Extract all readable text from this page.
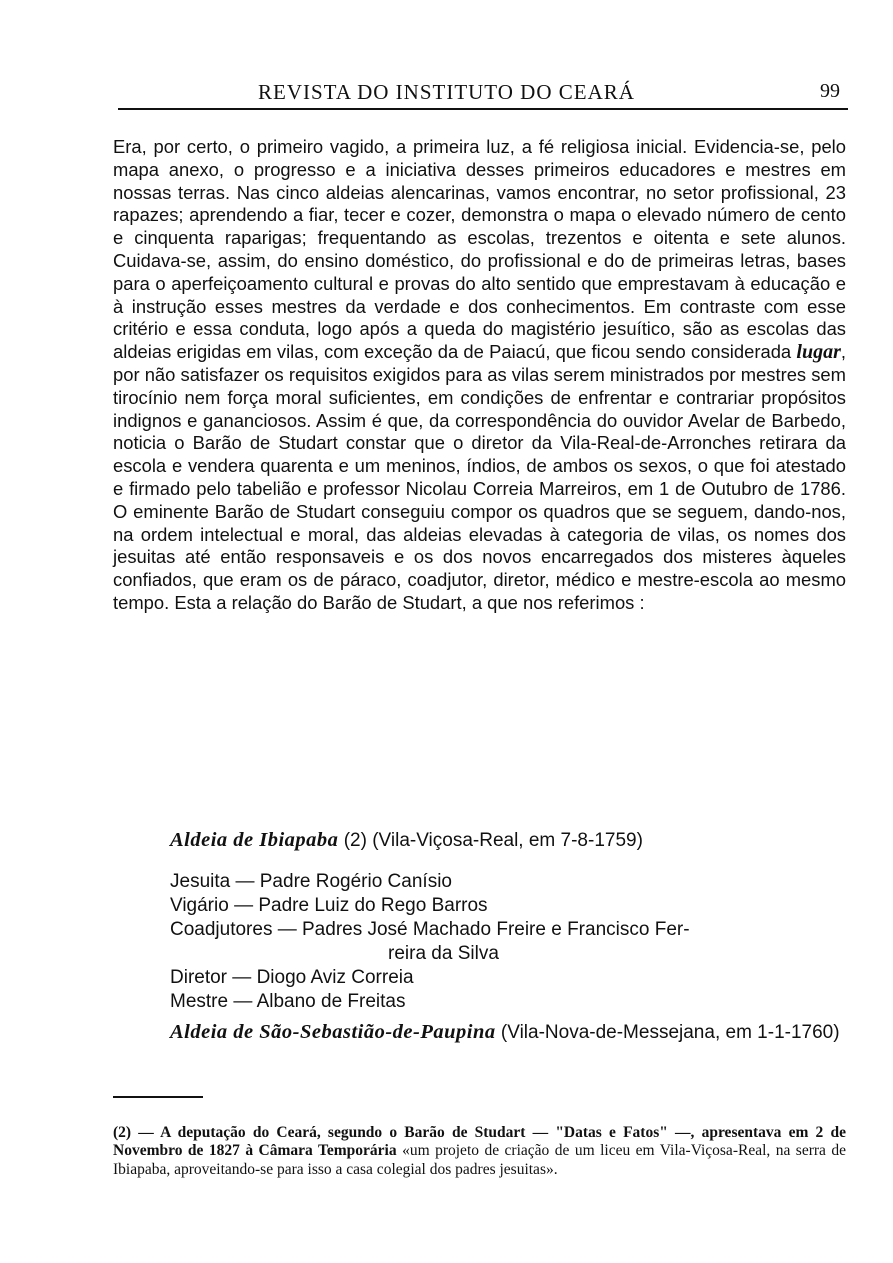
REVISTA DO INSTITUTO DO CEARÁ	99
Era, por certo, o primeiro vagido, a primeira luz, a fé religiosa inicial. Evidencia-se, pelo mapa anexo, o progresso e a iniciativa desses primeiros educadores e mestres em nossas terras. Nas cinco aldeias alencarinas, vamos encontrar, no setor profissional, 23 rapazes; aprendendo a fiar, tecer e cozer, demonstra o mapa o elevado número de cento e cinquenta raparigas; frequentando as escolas, trezentos e oitenta e sete alunos. Cuidava-se, assim, do ensino doméstico, do profissional e do de primeiras letras, bases para o aperfeiçoamento cultural e provas do alto sentido que emprestavam à educação e à instrução esses mestres da verdade e dos conhecimentos. Em contraste com esse critério e essa conduta, logo após a queda do magistério jesuítico, são as escolas das aldeias erigidas em vilas, com exceção da de Paiacú, que ficou sendo considerada lugar, por não satisfazer os requisitos exigidos para as vilas serem ministrados por mestres sem tirocínio nem força moral suficientes, em condições de enfrentar e contrariar propósitos indignos e gananciosos. Assim é que, da correspondência do ouvidor Avelar de Barbedo, noticia o Barão de Studart constar que o diretor da Vila-Real-de-Arronches retirara da escola e vendera quarenta e um meninos, índios, de ambos os sexos, o que foi atestado e firmado pelo tabelião e professor Nicolau Correia Marreiros, em 1 de Outubro de 1786. O eminente Barão de Studart conseguiu compor os quadros que se seguem, dando-nos, na ordem intelectual e moral, das aldeias elevadas à categoria de vilas, os nomes dos jesuitas até então responsaveis e os dos novos encarregados dos misteres àqueles confiados, que eram os de páraco, coadjutor, diretor, médico e mestre-escola ao mesmo tempo. Esta a relação do Barão de Studart, a que nos referimos :
Aldeia de Ibiapaba (2) (Vila-Viçosa-Real, em 7-8-1759)
Jesuita — Padre Rogério Canísio
Vigário — Padre Luiz do Rego Barros
Coadjutores — Padres José Machado Freire e Francisco Fer-
reira da Silva
Diretor — Diogo Aviz Correia
Mestre — Albano de Freitas
Aldeia de São-Sebastião-de-Paupina (Vila-Nova-de-Messejana, em 1-1-1760)
(2) — A deputação do Ceará, segundo o Barão de Studart — "Datas e Fatos" —, apresentava em 2 de Novembro de 1827 à Câmara Temporária «um projeto de criação de um liceu em Vila-Viçosa-Real, na serra de Ibiapaba, aproveitando-se para isso a casa colegial dos padres jesuitas».
